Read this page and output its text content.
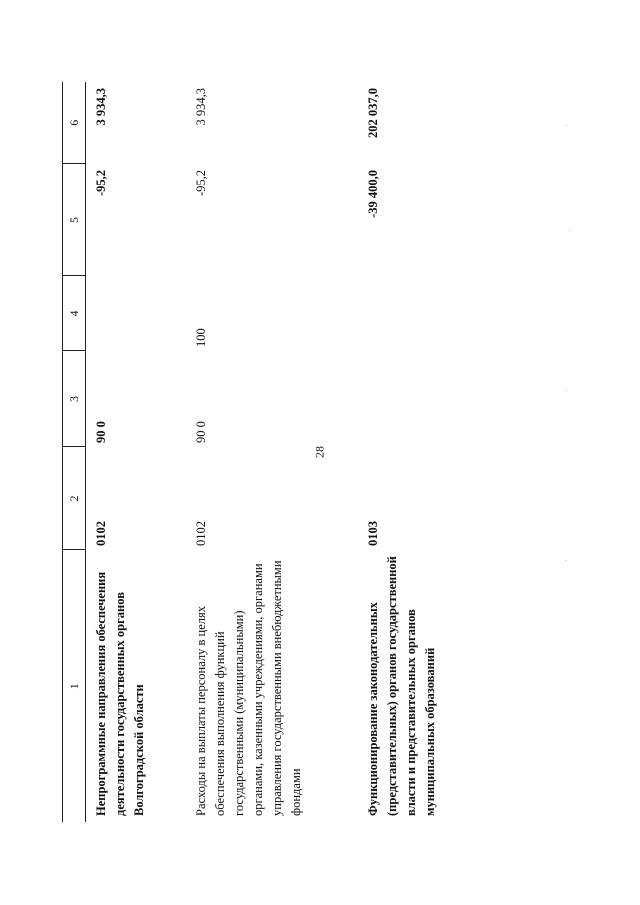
28
1	2	3	4	5	6
Непрограммные направления обеспечения деятельности государственных органов Волгоградской области	0102	90 0		-95,2	3 934,3
Расходы на выплаты персоналу в целях обеспечения выполнения функций государственными (муниципальными) органами, казенными учреждениями, органами управления государственными внебюджетными фондами	0102	90 0	100	-95,2	3 934,3
Функционирование законодательных (представительных) органов государственной власти и представительных органов муниципальных образований	0103			-39 400,0	202 037,0
